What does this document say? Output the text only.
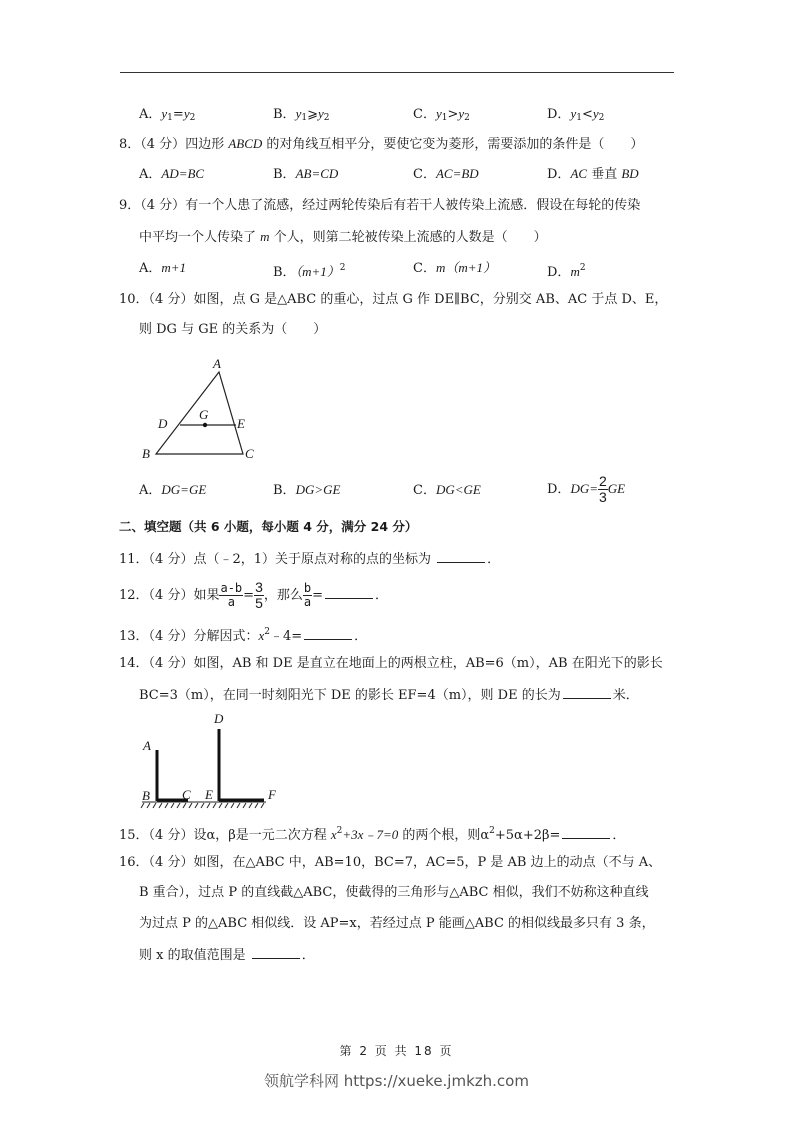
A．$y_1=y_2$	B．$y_1⩾y_2$	C．$y_1>y_2$	D．$y_1<y_2$
8．（4 分）四边形 ABCD 的对角线互相平分，要使它变为菱形，需要添加的条件是（　　）
A．AD=BC	B．AB=CD	C．AC=BD	D．AC 垂直 BD
9．（4 分）有一个人患了流感，经过两轮传染后有若干人被传染上流感．假设在每轮的传染
中平均一个人传染了 m 个人，则第二轮被传染上流感的人数是（　　）
A．m+1	B．$(m+1)^2$	C．m（m+1）	D．$m^2$
10．（4 分）如图，点 G 是△ABC 的重心，过点 G 作 DE∥BC，分别交 AB、AC 于点 D、E，
则 DG 与 GE 的关系为（　　）
A
D
G
E
B	C
A．DG=GE	B．DG>GE	C．DG<GE	D．$DG= \frac{2}{3}$ GE
二、填空题（共 6 小题，每小题 4 分，满分 24 分）
11．（4 分）点（﹣2，1）关于原点对称的点的坐标为	．
12．（4 分）如果 $\frac{a-b}{a} = \frac{3}{5}$ ，那么 $\frac{b}{a}$ =	．
13．（4 分）分解因式：$x^2﹣4=$	．
14．（4 分）如图，AB 和 DE 是直立在地面上的两根立柱，AB=6（m），AB 在阳光下的影长
BC=3（m），在同一时刻阳光下 DE 的影长 EF=4（m），则 DE 的长为	米．
A
B C
D
E	F
15．（4 分）设α，β是一元二次方程 $x^2+3x﹣7=0$ 的两个根，则$\alpha^2+5\alpha+2\beta=$	．
16．（4 分）如图，在△ABC 中，AB=10，BC=7，AC=5，P 是 AB 边上的动点（不与 A、
B 重合），过点 P 的直线截△ABC，使截得的三角形与△ABC 相似，我们不妨称这种直线
为过点 P 的△ABC 相似线．设 AP=x，若经过点 P 能画△ABC 的相似线最多只有 3 条，
则 x 的取值范围是	．
第 2 页 共 18 页
领航学科网 https://xueke.jmkzh.com
